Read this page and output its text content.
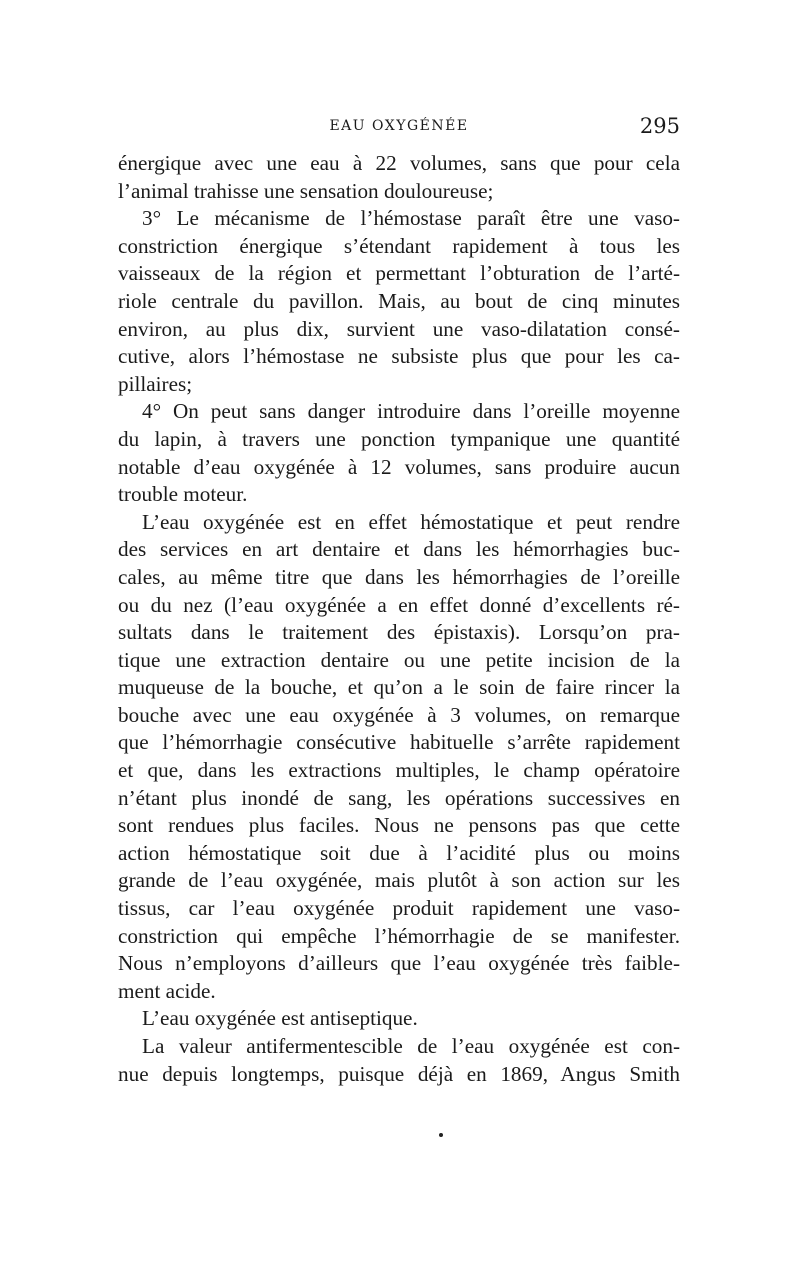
EAU OXYGÉNÉE	295
énergique avec une eau à 22 volumes, sans que pour cela
l’animal trahisse une sensation douloureuse;
3° Le mécanisme de l’hémostase paraît être une vaso-
constriction énergique s’étendant rapidement à tous les
vaisseaux de la région et permettant l’obturation de l’arté-
riole centrale du pavillon. Mais, au bout de cinq minutes
environ, au plus dix, survient une vaso-dilatation consé-
cutive, alors l’hémostase ne subsiste plus que pour les ca-
pillaires;
4° On peut sans danger introduire dans l’oreille moyenne
du lapin, à travers une ponction tympanique une quantité
notable d’eau oxygénée à 12 volumes, sans produire aucun
trouble moteur.
L’eau oxygénée est en effet hémostatique et peut rendre
des services en art dentaire et dans les hémorrhagies buc-
cales, au même titre que dans les hémorrhagies de l’oreille
ou du nez (l’eau oxygénée a en effet donné d’excellents ré-
sultats dans le traitement des épistaxis). Lorsqu’on pra-
tique une extraction dentaire ou une petite incision de la
muqueuse de la bouche, et qu’on a le soin de faire rincer la
bouche avec une eau oxygénée à 3 volumes, on remarque
que l’hémorrhagie consécutive habituelle s’arrête rapidement
et que, dans les extractions multiples, le champ opératoire
n’étant plus inondé de sang, les opérations successives en
sont rendues plus faciles. Nous ne pensons pas que cette
action hémostatique soit due à l’acidité plus ou moins
grande de l’eau oxygénée, mais plutôt à son action sur les
tissus, car l’eau oxygénée produit rapidement une vaso-
constriction qui empêche l’hémorrhagie de se manifester.
Nous n’employons d’ailleurs que l’eau oxygénée très faible-
ment acide.
L’eau oxygénée est antiseptique.
La valeur antifermentescible de l’eau oxygénée est con-
nue depuis longtemps, puisque déjà en 1869, Angus Smith
